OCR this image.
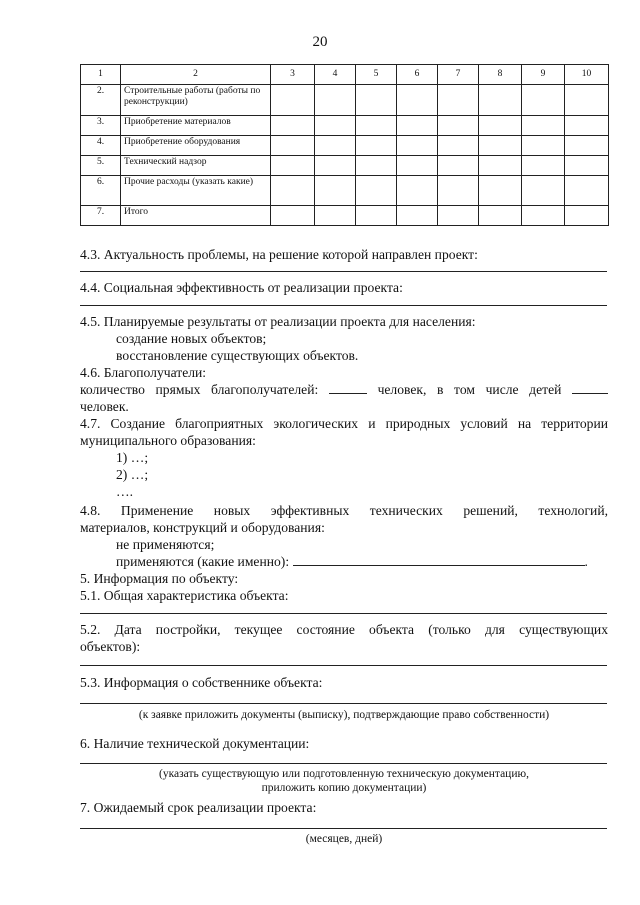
20
1	2	3	4	5	6	7	8	9	10
2.	Строительные работы (работы по реконструкции)								
3.	Приобретение материалов								
4.	Приобретение оборудования								
5.	Технический надзор								
6.	Прочие расходы (указать какие)								
7.	Итого								
4.3. Актуальность проблемы, на решение которой направлен проект:
4.4. Социальная эффективность от реализации проекта:
4.5. Планируемые результаты от реализации проекта для населения:
создание новых объектов;
восстановление существующих объектов.
4.6. Благополучатели:
количество прямых благополучателей:	человек, в том числе детей
человек.
4.7. Создание благоприятных экологических и природных условий на территории
муниципального образования:
1) …;
2) …;
….
4.8. Применение новых эффективных технических решений, технологий,
материалов, конструкций и оборудования:
не применяются;
применяются (какие именно):	.
5. Информация по объекту:
5.1. Общая характеристика объекта:
5.2. Дата постройки, текущее состояние объекта (только для существующих
объектов):
5.3. Информация о собственнике объекта:
(к заявке приложить документы (выписку), подтверждающие право собственности)
6. Наличие технической документации:
(указать существующую или подготовленную техническую документацию,
приложить копию документации)
7. Ожидаемый срок реализации проекта:
(месяцев, дней)
